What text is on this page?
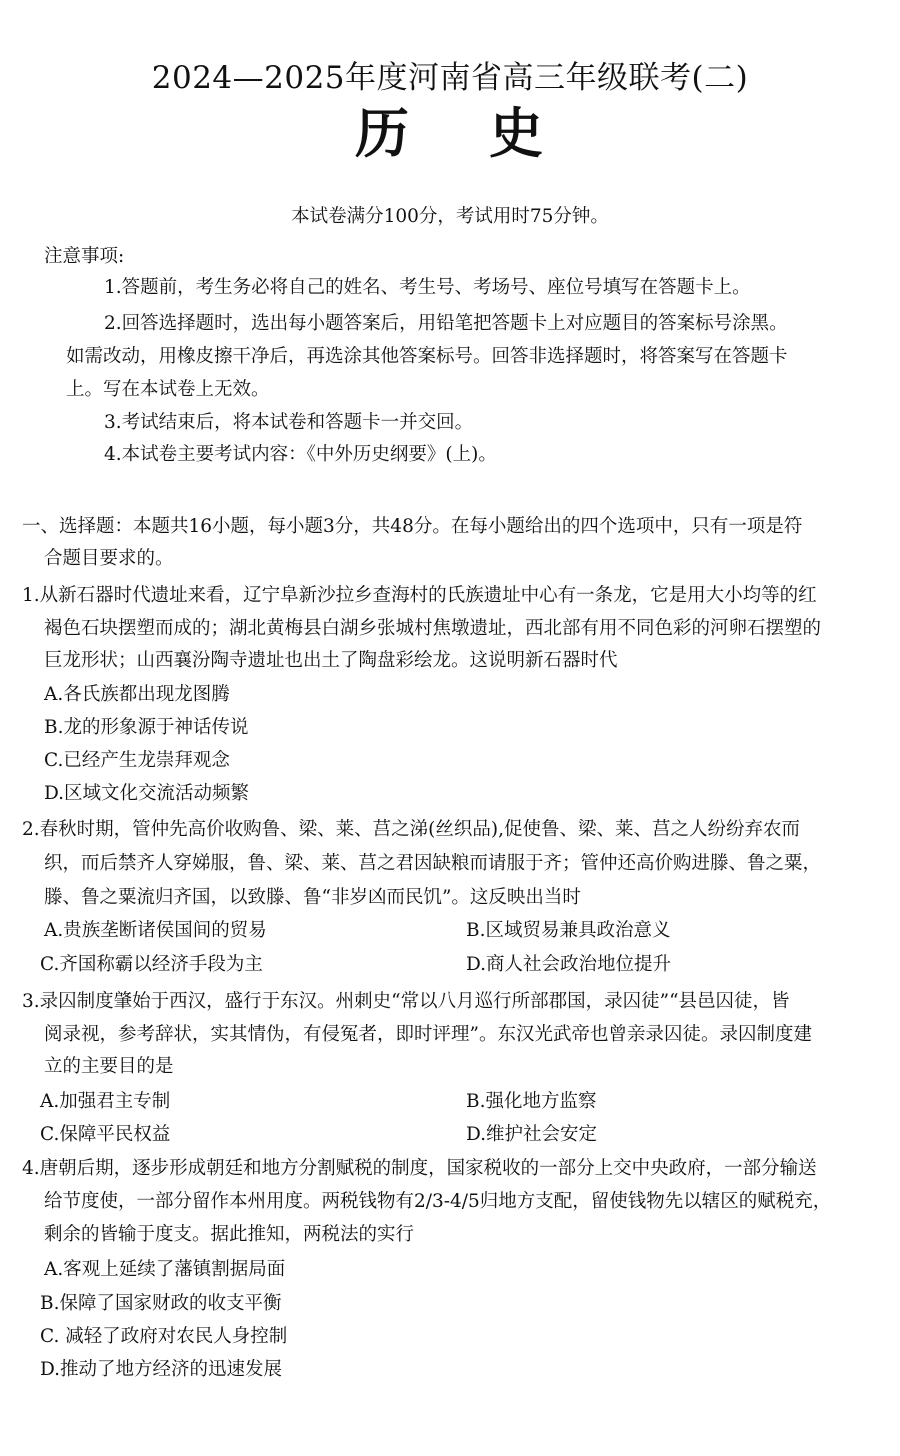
2024—2025年度河南省高三年级联考(二)
历 史
本试卷满分100分，考试用时75分钟。
注意事项:
1.答题前，考生务必将自己的姓名、考生号、考场号、座位号填写在答题卡上。
2.回答选择题时，选出每小题答案后，用铅笔把答题卡上对应题目的答案标号涂黑。
如需改动，用橡皮擦干净后，再选涂其他答案标号。回答非选择题时，将答案写在答题卡
上。写在本试卷上无效。
3.考试结束后，将本试卷和答题卡一并交回。
4.本试卷主要考试内容：《中外历史纲要》(上)。
一、选择题：本题共16小题，每小题3分，共48分。在每小题给出的四个选项中，只有一项是符
合题目要求的。
1.从新石器时代遗址来看，辽宁阜新沙拉乡查海村的氏族遗址中心有一条龙，它是用大小均等的红
褐色石块摆塑而成的；湖北黄梅县白湖乡张城村焦墩遗址，西北部有用不同色彩的河卵石摆塑的
巨龙形状；山西襄汾陶寺遗址也出土了陶盘彩绘龙。这说明新石器时代
A.各氏族都出现龙图腾
B.龙的形象源于神话传说
C.已经产生龙崇拜观念
D.区域文化交流活动频繁
2.春秋时期，管仲先高价收购鲁、梁、莱、莒之涕(丝织品),促使鲁、梁、莱、莒之人纷纷弃农而
织，而后禁齐人穿娣服，鲁、梁、莱、莒之君因缺粮而请服于齐；管仲还高价购进滕、鲁之粟，
滕、鲁之粟流归齐国，以致滕、鲁“非岁凶而民饥”。这反映出当时
A.贵族垄断诸侯国间的贸易	B.区域贸易兼具政治意义
C.齐国称霸以经济手段为主	D.商人社会政治地位提升
3.录囚制度肇始于西汉，盛行于东汉。州刺史“常以八月巡行所部郡国，录囚徒”“县邑囚徒，皆
阅录视，参考辞状，实其情伪，有侵冤者，即时评理”。东汉光武帝也曾亲录囚徒。录囚制度建
立的主要目的是
A.加强君主专制	B.强化地方监察
C.保障平民权益	D.维护社会安定
4.唐朝后期，逐步形成朝廷和地方分割赋税的制度，国家税收的一部分上交中央政府，一部分输送
给节度使，一部分留作本州用度。两税钱物有2/3-4/5归地方支配，留使钱物先以辖区的赋税充，
剩余的皆输于度支。据此推知，两税法的实行
A.客观上延续了藩镇割据局面
B.保障了国家财政的收支平衡
C. 减轻了政府对农民人身控制
D.推动了地方经济的迅速发展
